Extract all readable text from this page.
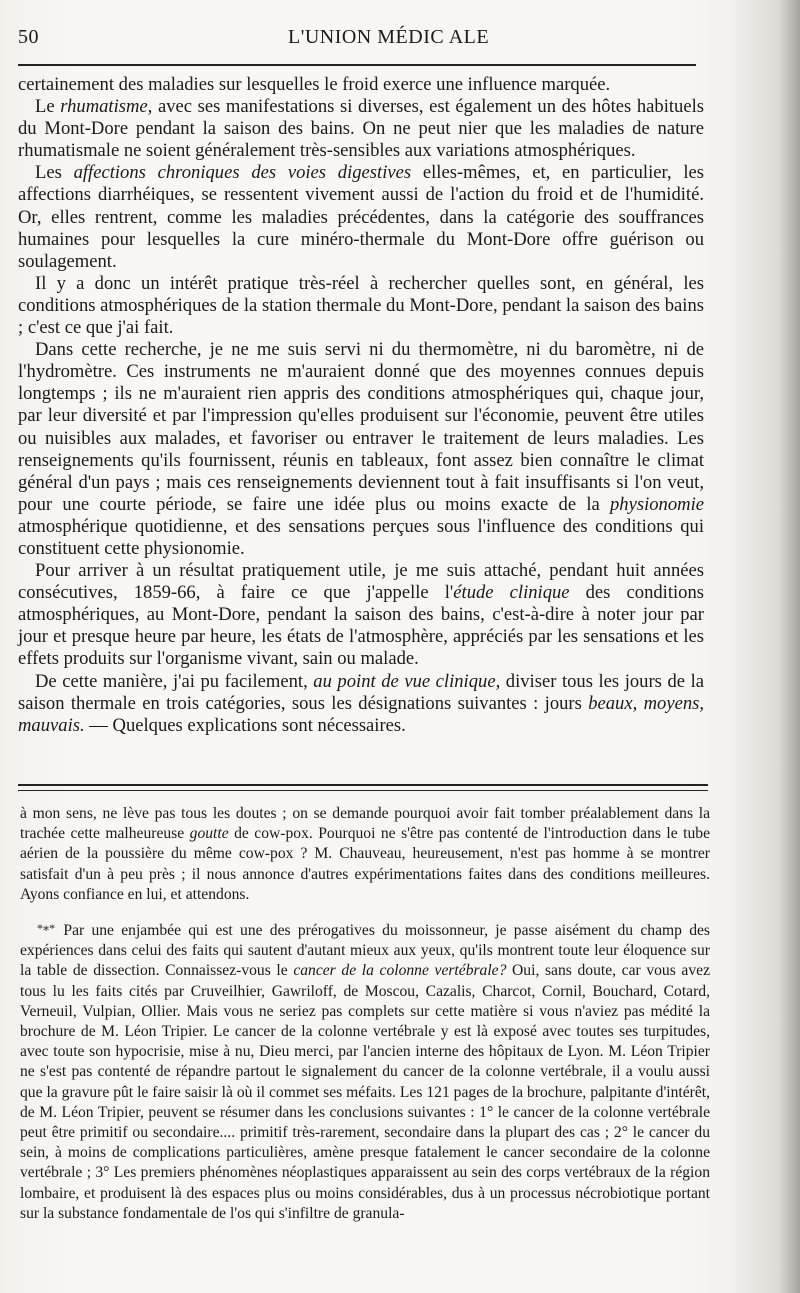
50	L'UNION MÉDIC ALE

certainement des maladies sur lesquelles le froid exerce une influence marquée.

Le rhumatisme, avec ses manifestations si diverses, est également un des hôtes habituels du Mont-Dore pendant la saison des bains. On ne peut nier que les maladies de nature rhumatismale ne soient généralement très-sensibles aux variations atmosphériques.

Les affections chroniques des voies digestives elles-mêmes, et, en particulier, les affections diarrhéiques, se ressentent vivement aussi de l'action du froid et de l'humidité. Or, elles rentrent, comme les maladies précédentes, dans la catégorie des souffrances humaines pour lesquelles la cure minéro-thermale du Mont-Dore offre guérison ou soulagement.

Il y a donc un intérêt pratique très-réel à rechercher quelles sont, en général, les conditions atmosphériques de la station thermale du Mont-Dore, pendant la saison des bains ; c'est ce que j'ai fait.

Dans cette recherche, je ne me suis servi ni du thermomètre, ni du baromètre, ni de l'hydromètre. Ces instruments ne m'auraient donné que des moyennes connues depuis longtemps ; ils ne m'auraient rien appris des conditions atmosphériques qui, chaque jour, par leur diversité et par l'impression qu'elles produisent sur l'économie, peuvent être utiles ou nuisibles aux malades, et favoriser ou entraver le traitement de leurs maladies. Les renseignements qu'ils fournissent, réunis en tableaux, font assez bien connaître le climat général d'un pays ; mais ces renseignements deviennent tout à fait insuffisants si l'on veut, pour une courte période, se faire une idée plus ou moins exacte de la physionomie atmosphérique quotidienne, et des sensations perçues sous l'influence des conditions qui constituent cette physionomie.

Pour arriver à un résultat pratiquement utile, je me suis attaché, pendant huit années consécutives, 1859-66, à faire ce que j'appelle l'étude clinique des conditions atmosphériques, au Mont-Dore, pendant la saison des bains, c'est-à-dire à noter jour par jour et presque heure par heure, les états de l'atmosphère, appréciés par les sensations et les effets produits sur l'organisme vivant, sain ou malade.

De cette manière, j'ai pu facilement, au point de vue clinique, diviser tous les jours de la saison thermale en trois catégories, sous les désignations suivantes : jours beaux, moyens, mauvais. — Quelques explications sont nécessaires.

à mon sens, ne lève pas tous les doutes ; on se demande pourquoi avoir fait tomber préalablement dans la trachée cette malheureuse goutte de cow-pox. Pourquoi ne s'être pas contenté de l'introduction dans le tube aérien de la poussière du même cow-pox ? M. Chauveau, heureusement, n'est pas homme à se montrer satisfait d'un à peu près ; il nous annonce d'autres expérimentations faites dans des conditions meilleures. Ayons confiance en lui, et attendons.

*∗* Par une enjambée qui est une des prérogatives du moissonneur, je passe aisément du champ des expériences dans celui des faits qui sautent d'autant mieux aux yeux, qu'ils montrent toute leur éloquence sur la table de dissection. Connaissez-vous le cancer de la colonne vertébrale? Oui, sans doute, car vous avez tous lu les faits cités par Cruveilhier, Gawriloff, de Moscou, Cazalis, Charcot, Cornil, Bouchard, Cotard, Verneuil, Vulpian, Ollier. Mais vous ne seriez pas complets sur cette matière si vous n'aviez pas médité la brochure de M. Léon Tripier. Le cancer de la colonne vertébrale y est là exposé avec toutes ses turpitudes, avec toute son hypocrisie, mise à nu, Dieu merci, par l'ancien interne des hôpitaux de Lyon. M. Léon Tripier ne s'est pas contenté de répandre partout le signalement du cancer de la colonne vertébrale, il a voulu aussi que la gravure pût le faire saisir là où il commet ses méfaits. Les 121 pages de la brochure, palpitante d'intérêt, de M. Léon Tripier, peuvent se résumer dans les conclusions suivantes : 1° le cancer de la colonne vertébrale peut être primitif ou secondaire.... primitif très-rarement, secondaire dans la plupart des cas ; 2° le cancer du sein, à moins de complications particulières, amène presque fatalement le cancer secondaire de la colonne vertébrale ; 3° Les premiers phénomènes néoplastiques apparaissent au sein des corps vertébraux de la région lombaire, et produisent là des espaces plus ou moins considérables, dus à un processus nécrobiotique portant sur la substance fondamentale de l'os qui s'infiltre de granula-
